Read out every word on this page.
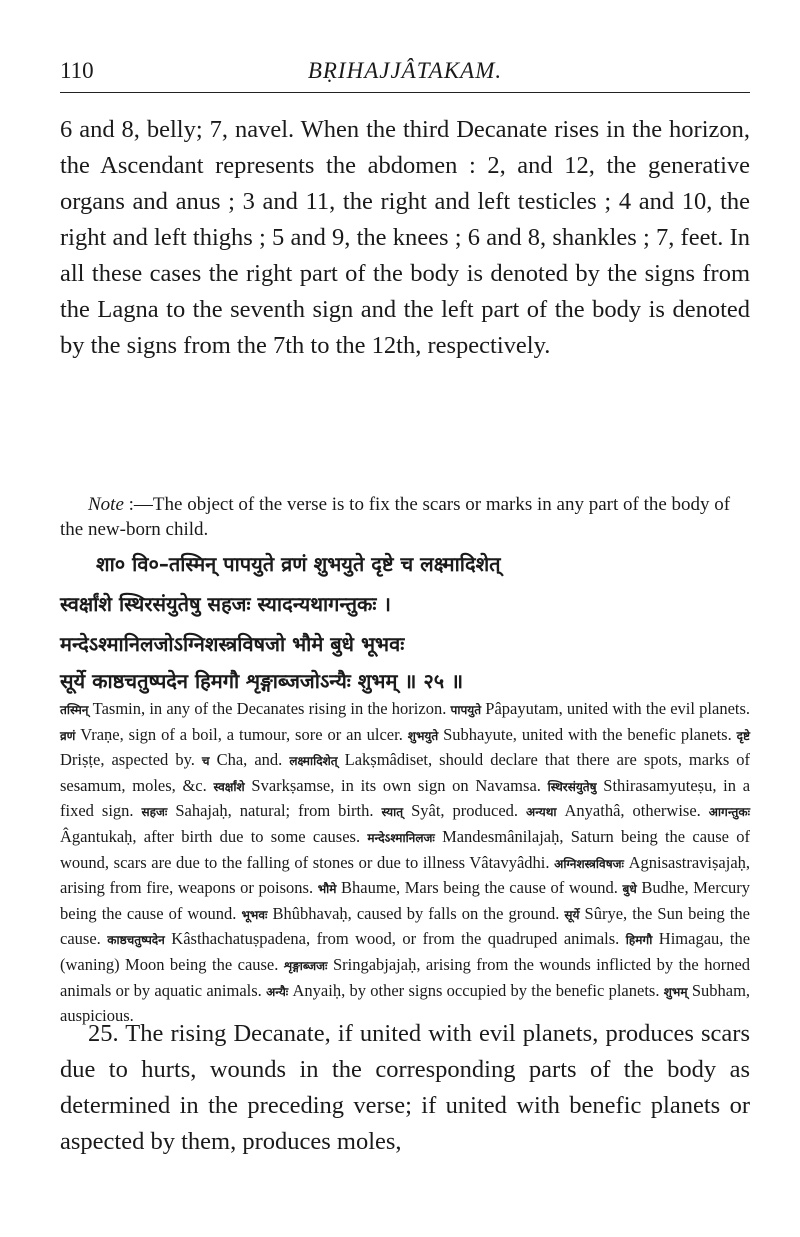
110	BṚIHAJJÂTAKAM.
6 and 8, belly; 7, navel. When the third Decanate rises in the horizon, the Ascendant represents the abdomen : 2, and 12, the generative organs and anus ; 3 and 11, the right and left testicles ; 4 and 10, the right and left thighs ; 5 and 9, the knees ; 6 and 8, shankles ; 7, feet. In all these cases the right part of the body is denoted by the signs from the Lagna to the seventh sign and the left part of the body is denoted by the signs from the 7th to the 12th, respectively.
Note :—The object of the verse is to fix the scars or marks in any part of the body of the new-born child.
शा० वि०–तस्मिन् पापयुते व्रणं शुभयुते दृष्टे च लक्ष्मादिशेत्
स्वर्क्षांशे स्थिरसंयुतेषु सहजः स्यादन्यथागन्तुकः ।
मन्देऽश्मानिलजोऽग्निशस्त्रविषजो भौमे बुधे भूभवः
सूर्ये काष्ठचतुष्पदेन हिमगौ शृङ्गाब्जजोऽन्यैः शुभम् ॥ २५ ॥
तस्मिन् Tasmin, in any of the Decanates rising in the horizon. पापयुते Pâpayutam, united with the evil planets. व्रणं Vraṇe, sign of a boil, a tumour, sore or an ulcer. शुभयुते Subhayute, united with the benefic planets. दृष्टे Driṣṭe, aspected by. च Cha, and. लक्ष्मादिशेत् Lakṣmâdiset, should declare that there are spots, marks of sesamum, moles, &c. स्वर्क्षांशे Svarkṣamse, in its own sign on Navamsa. स्थिरसंयुतेषु Sthirasamyuteṣu, in a fixed sign. सहजः Sahajaḥ, natural; from birth. स्यात् Syât, produced. अन्यथा Anyathâ, otherwise. आगन्तुकः Âgantukaḥ, after birth due to some causes. मन्देऽश्मानिलजः Mandesmânilajaḥ, Saturn being the cause of wound, scars are due to the falling of stones or due to illness Vâtavyâdhi. अग्निशस्त्रविषजः Agnisastraviṣajaḥ, arising from fire, weapons or poisons. भौमे Bhaume, Mars being the cause of wound. बुधे Budhe, Mercury being the cause of wound. भूभवः Bhûbhavaḥ, caused by falls on the ground. सूर्ये Sûrye, the Sun being the cause. काष्ठचतुष्पदेन Kâsthachatuṣpadena, from wood, or from the quadruped animals. हिमगौ Himagau, the (waning) Moon being the cause. शृङ्गाब्जजः Sringabjajaḥ, arising from the wounds inflicted by the horned animals or by aquatic animals. अन्यैः Anyaiḥ, by other signs occupied by the benefic planets. शुभम् Subham, auspicious.
25. The rising Decanate, if united with evil planets, produces scars due to hurts, wounds in the corresponding parts of the body as determined in the preceding verse; if united with benefic planets or aspected by them, produces moles,
